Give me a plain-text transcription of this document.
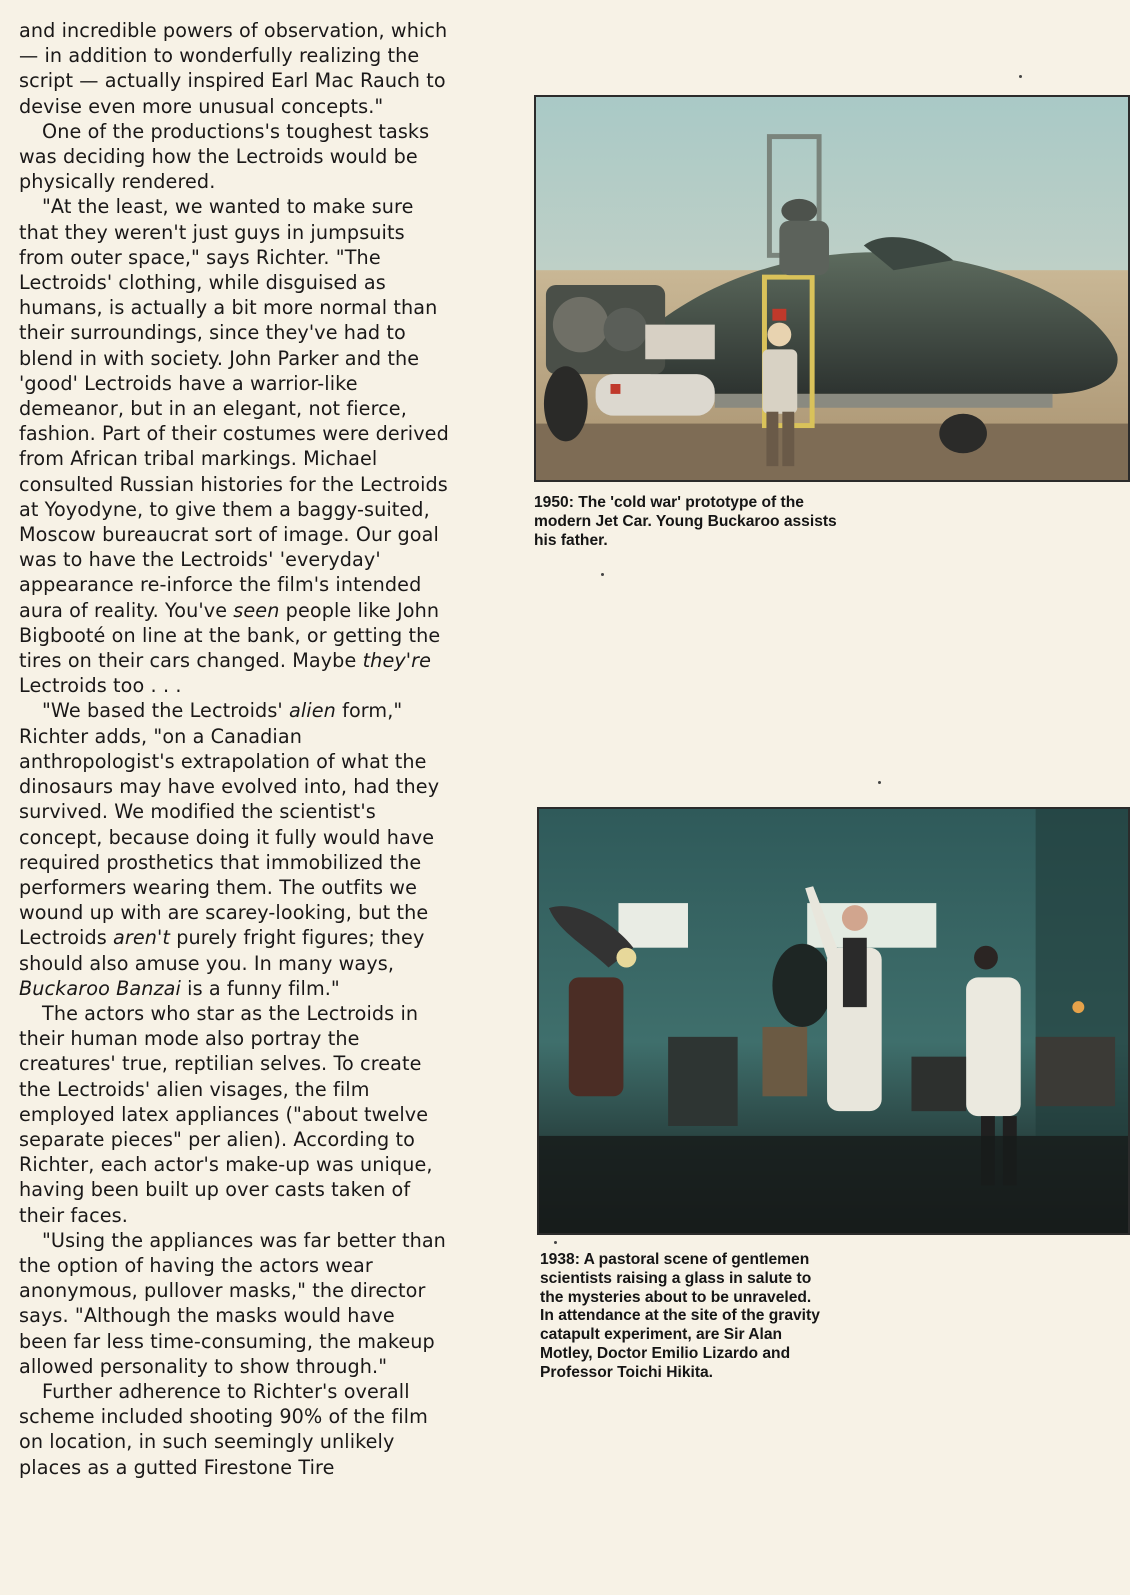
and incredible powers of observation, which — in addition to wonderfully realizing the script — actually inspired Earl Mac Rauch to devise even more unusual concepts."

One of the productions's toughest tasks was deciding how the Lectroids would be physically rendered.

"At the least, we wanted to make sure that they weren't just guys in jumpsuits from outer space," says Richter. "The Lectroids' clothing, while disguised as humans, is actually a bit more normal than their surroundings, since they've had to blend in with society. John Parker and the 'good' Lectroids have a warrior-like demeanor, but in an elegant, not fierce, fashion. Part of their costumes were derived from African tribal markings. Michael consulted Russian histories for the Lectroids at Yoyodyne, to give them a baggy-suited, Moscow bureaucrat sort of image. Our goal was to have the Lectroids' 'everyday' appearance re-inforce the film's intended aura of reality. You've seen people like John Bigbooté on line at the bank, or getting the tires on their cars changed. Maybe they're Lectroids too . . .

"We based the Lectroids' alien form," Richter adds, "on a Canadian anthropologist's extrapolation of what the dinosaurs may have evolved into, had they survived. We modified the scientist's concept, because doing it fully would have required prosthetics that immobilized the performers wearing them. The outfits we wound up with are scarey-looking, but the Lectroids aren't purely fright figures; they should also amuse you. In many ways, Buckaroo Banzai is a funny film."

The actors who star as the Lectroids in their human mode also portray the creatures' true, reptilian selves. To create the Lectroids' alien visages, the film employed latex appliances ("about twelve separate pieces" per alien). According to Richter, each actor's make-up was unique, having been built up over casts taken of their faces.

"Using the appliances was far better than the option of having the actors wear anonymous, pullover masks," the director says. "Although the masks would have been far less time-consuming, the makeup allowed personality to show through."

Further adherence to Richter's overall scheme included shooting 90% of the film on location, in such seemingly unlikely places as a gutted Firestone Tire

1950: The 'cold war' prototype of the modern Jet Car. Young Buckaroo assists his father.
1938: A pastoral scene of gentlemen scientists raising a glass in salute to the mysteries about to be unraveled. In attendance at the site of the gravity catapult experiment, are Sir Alan Motley, Doctor Emilio Lizardo and Professor Toichi Hikita.
